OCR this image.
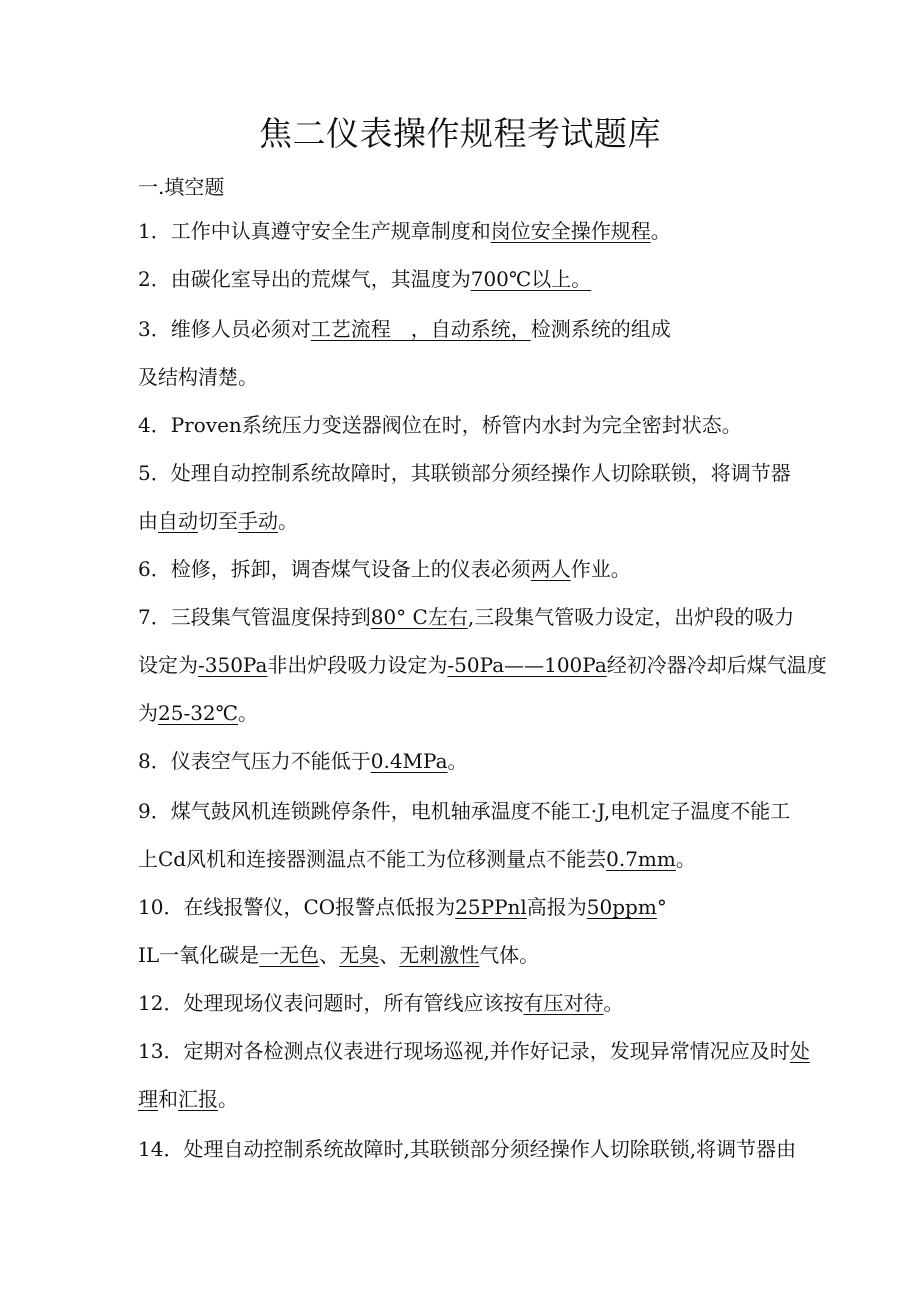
焦二仪表操作规程考试题库
一.填空题
1．工作中认真遵守安全生产规章制度和岗位安全操作规程。
2．由碳化室导出的荒煤气，其温度为700℃以上。
3．维修人员必须对工艺流程　，自动系统，检测系统的组成
及结构清楚。
4．Proven系统压力变送器阀位在时，桥管内水封为完全密封状态。
5．处理自动控制系统故障时，其联锁部分须经操作人切除联锁，将调节器
由自动切至手动。
6．检修，拆卸，调杳煤气设备上的仪表必须两人作业。
7．三段集气管温度保持到80° C左右,三段集气管吸力设定，出炉段的吸力
设定为-350Pa非出炉段吸力设定为-50Pa——100Pa经初冷器冷却后煤气温度
为25-32℃。
8．仪表空气压力不能低于0.4MPa。
9．煤气鼓风机连锁跳停条件，电机轴承温度不能工·J,电机定子温度不能工
上Cd风机和连接器测温点不能工为位移测量点不能芸0.7mm。
10．在线报警仪，CO报警点低报为25PPnl高报为50ppm°
IL一氧化碳是一无色、无臭、无刺激性气体。
12．处理现场仪表问题时，所有管线应该按有压对待。
13．定期对各检测点仪表进行现场巡视,并作好记录，发现异常情况应及时处
理和汇报。
14．处理自动控制系统故障时,其联锁部分须经操作人切除联锁,将调节器由
